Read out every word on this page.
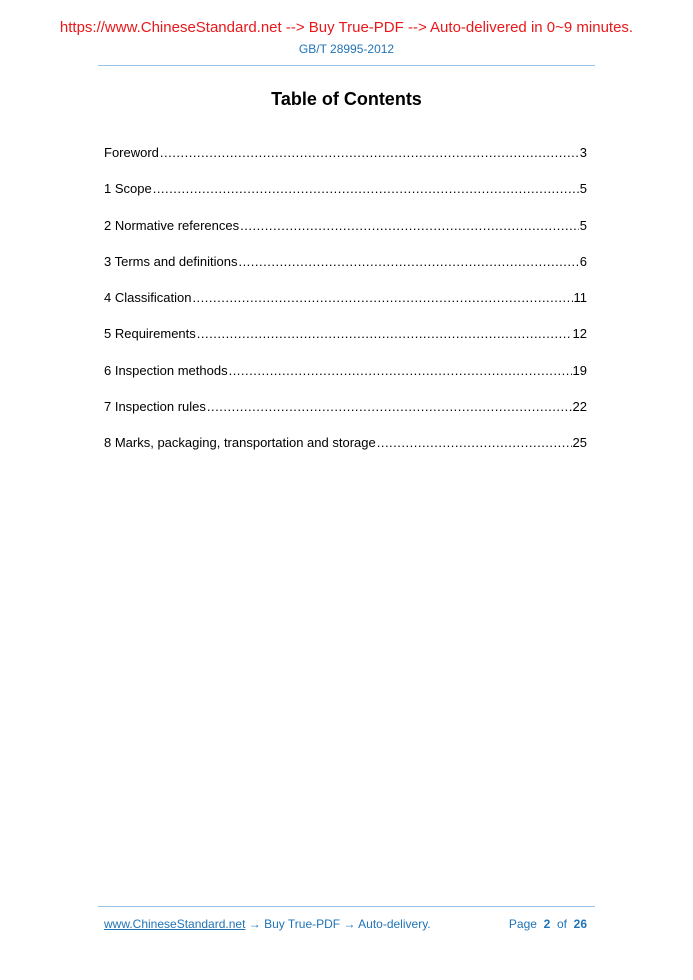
https://www.ChineseStandard.net --> Buy True-PDF --> Auto-delivered in 0~9 minutes.
GB/T 28995-2012
Table of Contents
Foreword .....	3
1 Scope .....	5
2 Normative references .....	5
3 Terms and definitions .....	6
4 Classification .....	11
5 Requirements .....	12
6 Inspection methods .....	19
7 Inspection rules .....	22
8 Marks, packaging, transportation and storage .....	25
www.ChineseStandard.net → Buy True-PDF → Auto-delivery.	Page 2 of 26
